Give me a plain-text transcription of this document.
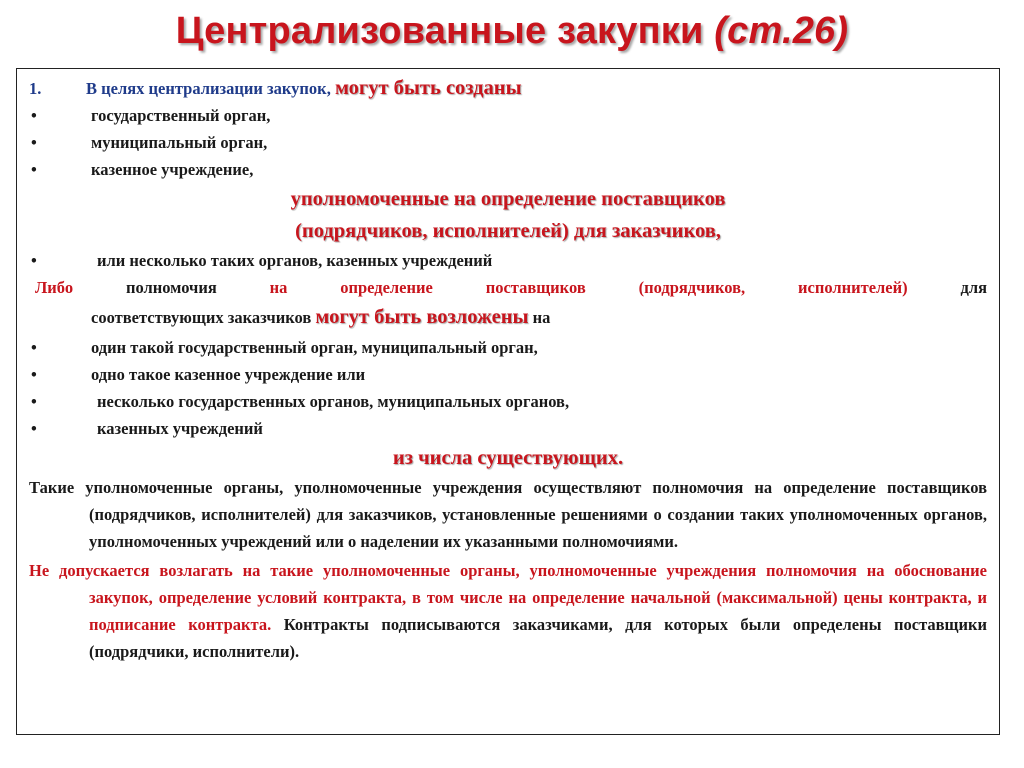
Централизованные закупки (ст.26)
1.	В целях централизации закупок, могут быть созданы
•	государственный орган,
•	муниципальный орган,
•	казенное учреждение,
уполномоченные на определение поставщиков
(подрядчиков, исполнителей) для заказчиков,
•	или несколько таких органов, казенных учреждений
Либо	полномочия	на	определение	поставщиков	(подрядчиков,	исполнителей)	для
соответствующих заказчиков могут быть возложены на
•	один такой государственный орган, муниципальный орган,
•	одно такое казенное учреждение или
•	несколько государственных органов, муниципальных органов,
•	казенных учреждений
из числа существующих.
Такие уполномоченные органы, уполномоченные учреждения осуществляют полномочия на определение поставщиков (подрядчиков, исполнителей) для заказчиков, установленные решениями о создании таких уполномоченных органов, уполномоченных учреждений или о наделении их указанными полномочиями.
Не допускается возлагать на такие уполномоченные органы, уполномоченные учреждения полномочия на обоснование закупок, определение условий контракта, в том числе на определение начальной (максимальной) цены контракта, и подписание контракта. Контракты подписываются заказчиками, для которых были определены поставщики (подрядчики, исполнители).
